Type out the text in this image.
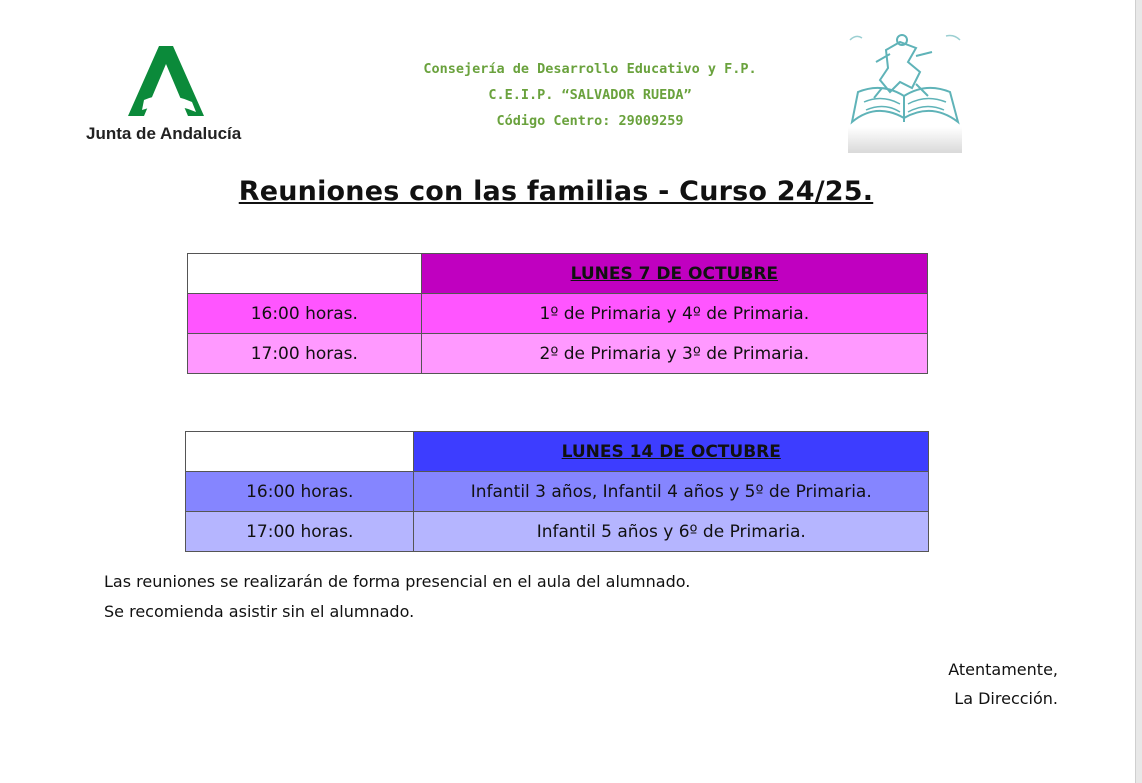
Junta de Andalucía
Consejería de Desarrollo Educativo y F.P.
C.E.I.P. “SALVADOR RUEDA”
Código Centro: 29009259
Reuniones con las familias - Curso 24/25.
	LUNES 7 DE OCTUBRE
16:00 horas.	1º de Primaria y 4º de Primaria.
17:00 horas.	2º de Primaria y 3º de Primaria.
	LUNES 14 DE OCTUBRE
16:00 horas.	Infantil 3 años, Infantil 4 años y 5º de Primaria.
17:00 horas.	Infantil 5 años y 6º de Primaria.
Las reuniones se realizarán de forma presencial en el aula del alumnado.
Se recomienda asistir sin el alumnado.
Atentamente,
La Dirección.
